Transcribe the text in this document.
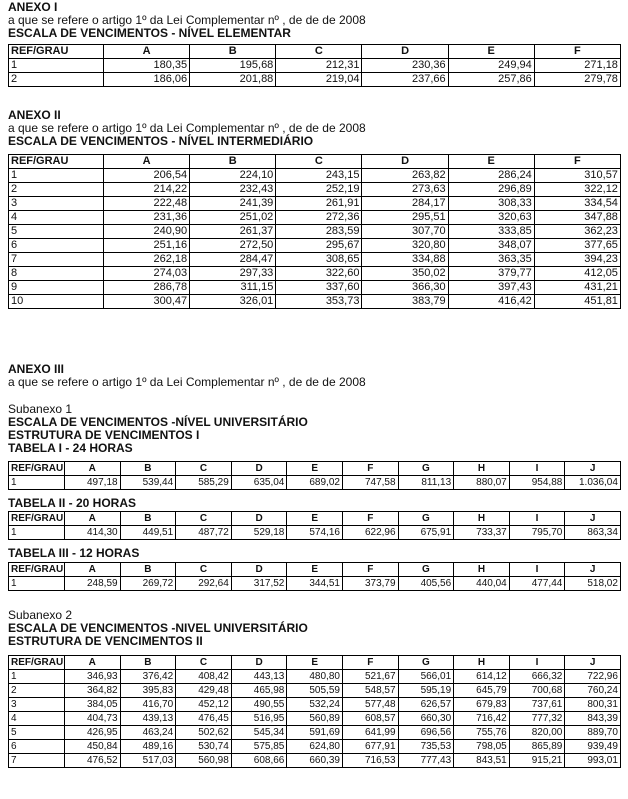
ANEXO I
a que se refere o artigo 1º da Lei Complementar nº , de de de 2008
ESCALA DE VENCIMENTOS - NÍVEL ELEMENTAR
REF/GRAU	A	B	C	D	E	F
1	180,35	195,68	212,31	230,36	249,94	271,18
2	186,06	201,88	219,04	237,66	257,86	279,78
ANEXO II
a que se refere o artigo 1º da Lei Complementar nº , de de de 2008
ESCALA DE VENCIMENTOS - NÍVEL INTERMEDIÁRIO
REF/GRAU	A	B	C	D	E	F
1	206,54	224,10	243,15	263,82	286,24	310,57
2	214,22	232,43	252,19	273,63	296,89	322,12
3	222,48	241,39	261,91	284,17	308,33	334,54
4	231,36	251,02	272,36	295,51	320,63	347,88
5	240,90	261,37	283,59	307,70	333,85	362,23
6	251,16	272,50	295,67	320,80	348,07	377,65
7	262,18	284,47	308,65	334,88	363,35	394,23
8	274,03	297,33	322,60	350,02	379,77	412,05
9	286,78	311,15	337,60	366,30	397,43	431,21
10	300,47	326,01	353,73	383,79	416,42	451,81
ANEXO III
a que se refere o artigo 1º da Lei Complementar nº , de de de 2008
Subanexo 1
ESCALA DE VENCIMENTOS -NÍVEL UNIVERSITÁRIO
ESTRUTURA DE VENCIMENTOS I
TABELA I - 24 HORAS
REF/GRAU	A	B	C	D	E	F	G	H	I	J
1	497,18	539,44	585,29	635,04	689,02	747,58	811,13	880,07	954,88	1.036,04
TABELA II - 20 HORAS
REF/GRAU	A	B	C	D	E	F	G	H	I	J
1	414,30	449,51	487,72	529,18	574,16	622,96	675,91	733,37	795,70	863,34
TABELA III - 12 HORAS
REF/GRAU	A	B	C	D	E	F	G	H	I	J
1	248,59	269,72	292,64	317,52	344,51	373,79	405,56	440,04	477,44	518,02
Subanexo 2
ESCALA DE VENCIMENTOS -NIVEL UNIVERSITÁRIO
ESTRUTURA DE VENCIMENTOS II
REF/GRAU	A	B	C	D	E	F	G	H	I	J
1	346,93	376,42	408,42	443,13	480,80	521,67	566,01	614,12	666,32	722,96
2	364,82	395,83	429,48	465,98	505,59	548,57	595,19	645,79	700,68	760,24
3	384,05	416,70	452,12	490,55	532,24	577,48	626,57	679,83	737,61	800,31
4	404,73	439,13	476,45	516,95	560,89	608,57	660,30	716,42	777,32	843,39
5	426,95	463,24	502,62	545,34	591,69	641,99	696,56	755,76	820,00	889,70
6	450,84	489,16	530,74	575,85	624,80	677,91	735,53	798,05	865,89	939,49
7	476,52	517,03	560,98	608,66	660,39	716,53	777,43	843,51	915,21	993,01
